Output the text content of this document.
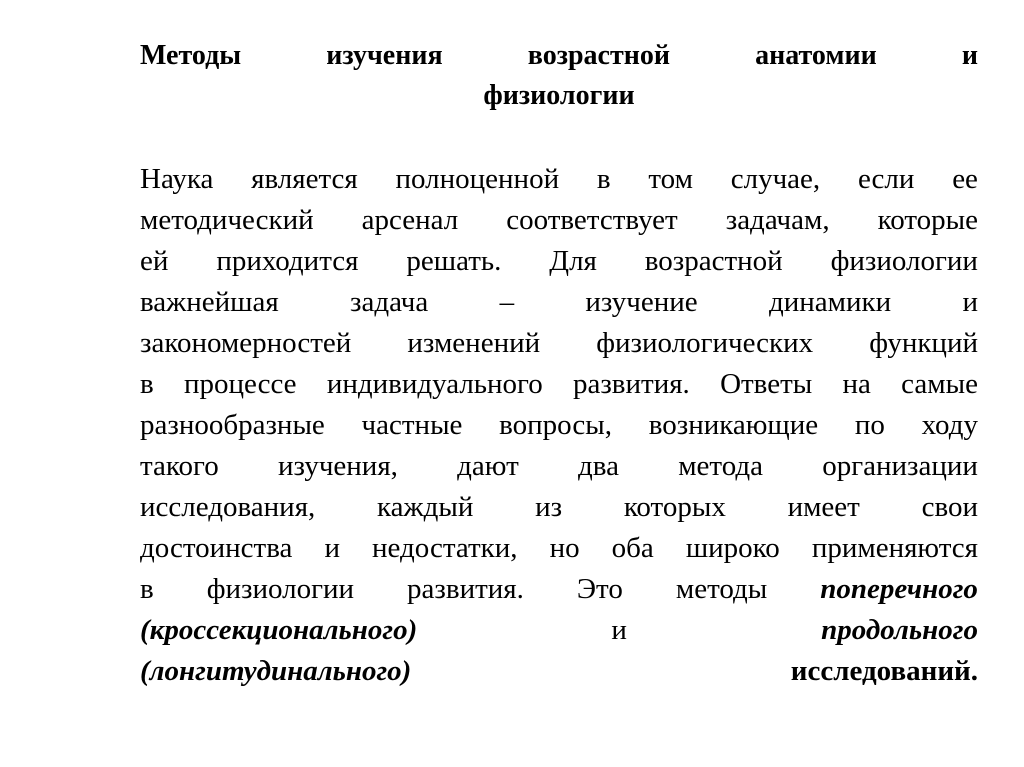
Методы	изучения	возрастной	анатомии	и
физиологии
Наука является полноценной в том случае, если ее
методический арсенал соответствует задачам, которые
ей приходится решать. Для возрастной физиологии
важнейшая задача – изучение динамики и
закономерностей изменений физиологических функций
в процессе индивидуального развития. Ответы на самые
разнообразные частные вопросы, возникающие по ходу
такого изучения, дают два метода организации
исследования, каждый из которых имеет свои
достоинства и недостатки, но оба широко применяются
в физиологии развития. Это методы поперечного
(кроссекционального)	и	продольного
(лонгитудинального)	исследований.
